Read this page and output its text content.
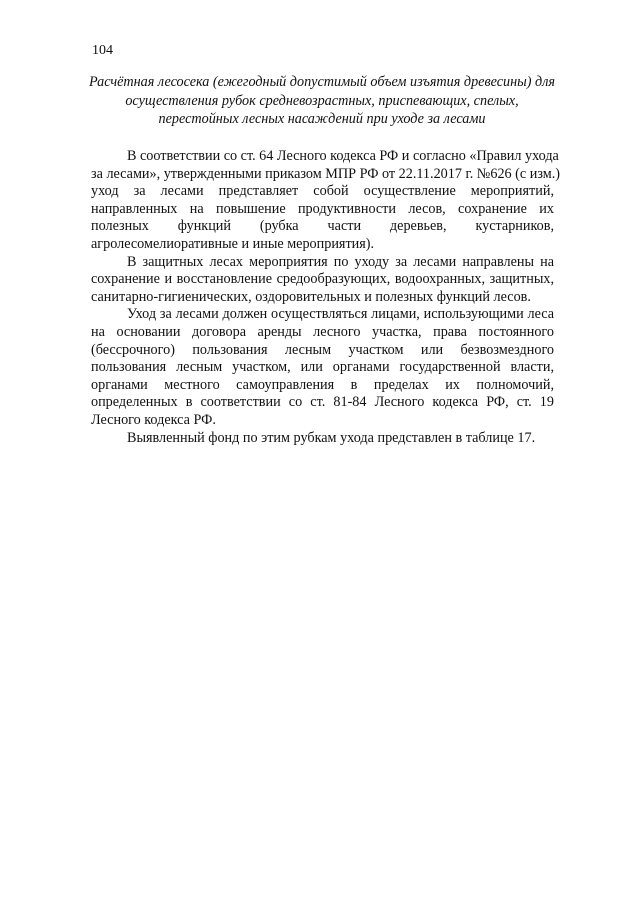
104
Расчётная лесосека (ежегодный допустимый объем изъятия древесины) для
осуществления рубок средневозрастных, приспевающих, спелых,
перестойных лесных насаждений при уходе за лесами
В соответствии со ст. 64 Лесного кодекса РФ и согласно «Правил ухода
за лесами», утвержденными приказом МПР РФ от 22.11.2017 г. №626 (с изм.)
уход за лесами представляет собой осуществление мероприятий,
направленных на повышение продуктивности лесов, сохранение их
полезных функций (рубка части деревьев, кустарников,
агролесомелиоративные и иные мероприятия).
В защитных лесах мероприятия по уходу за лесами направлены на
сохранение и восстановление средообразующих, водоохранных, защитных,
санитарно-гигиенических, оздоровительных и полезных функций лесов.
Уход за лесами должен осуществляться лицами, использующими леса
на основании договора аренды лесного участка, права постоянного
(бессрочного) пользования лесным участком или безвозмездного
пользования лесным участком, или органами государственной власти,
органами местного самоуправления в пределах их полномочий,
определенных в соответствии со ст. 81-84 Лесного кодекса РФ, ст. 19
Лесного кодекса РФ.
Выявленный фонд по этим рубкам ухода представлен в таблице 17.
